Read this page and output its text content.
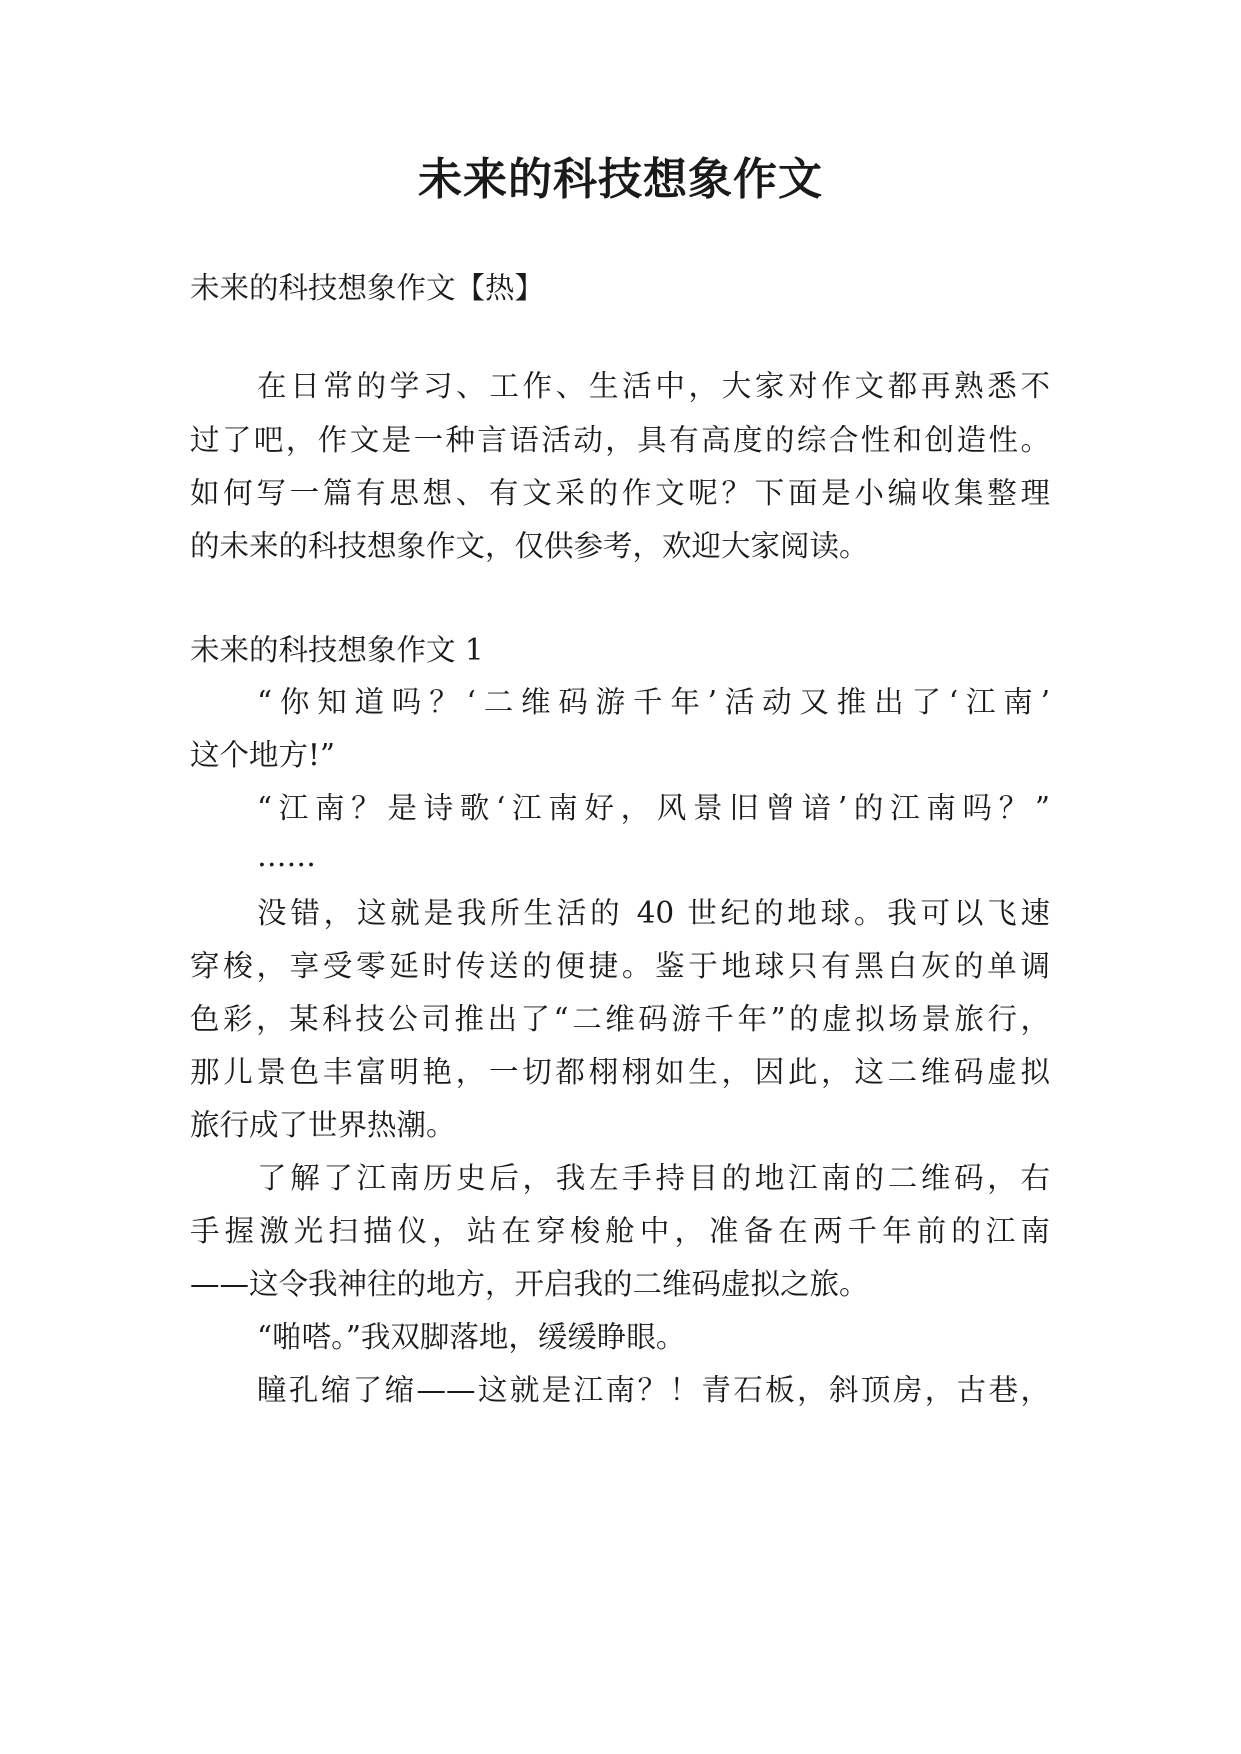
未来的科技想象作文
未来的科技想象作文【热】
在日常的学习、工作、生活中，大家对作文都再熟悉不
过了吧，作文是一种言语活动，具有高度的综合性和创造性。
如何写一篇有思想、有文采的作文呢？下面是小编收集整理
的未来的科技想象作文，仅供参考，欢迎大家阅读。
未来的科技想象作文 1
“你知道吗？‘二维码游千年’活动又推出了‘江南’
这个地方!”
“江南？是诗歌‘江南好，风景旧曾谙’的江南吗？”
……
没错，这就是我所生活的 40 世纪的地球。我可以飞速
穿梭，享受零延时传送的便捷。鉴于地球只有黑白灰的单调
色彩，某科技公司推出了“二维码游千年”的虚拟场景旅行，
那儿景色丰富明艳，一切都栩栩如生，因此，这二维码虚拟
旅行成了世界热潮。
了解了江南历史后，我左手持目的地江南的二维码，右
手握激光扫描仪，站在穿梭舱中，准备在两千年前的江南
——这令我神往的地方，开启我的二维码虚拟之旅。
“啪嗒。”我双脚落地，缓缓睁眼。
瞳孔缩了缩——这就是江南？！青石板，斜顶房，古巷，
